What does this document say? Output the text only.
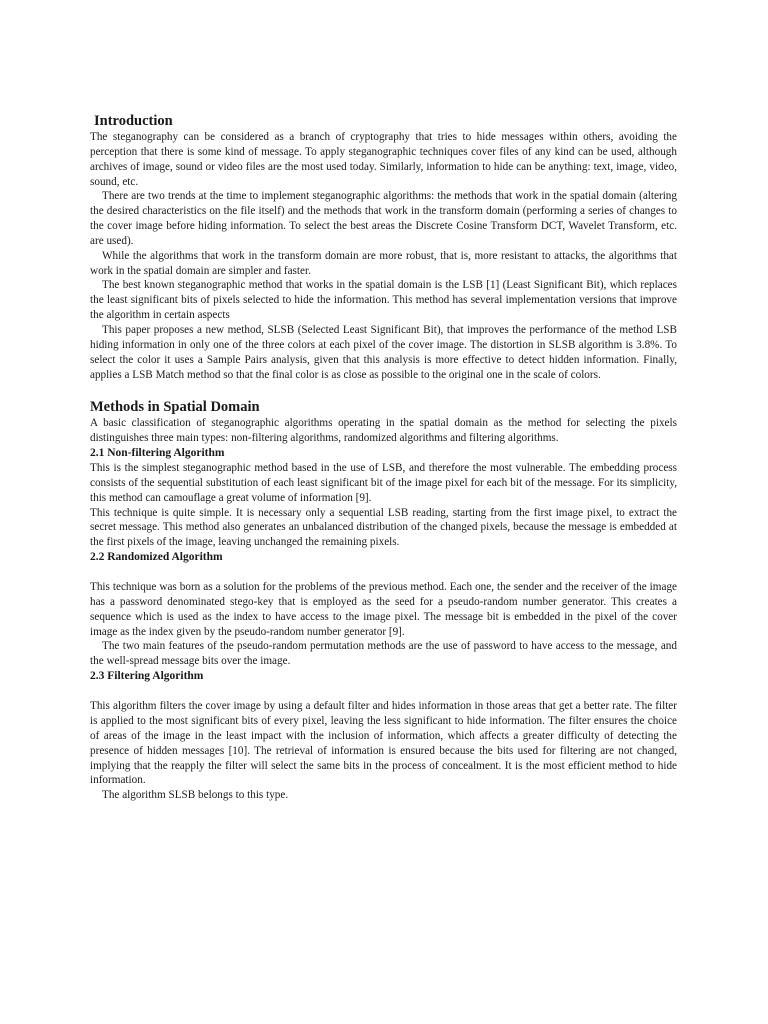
Introduction

The steganography can be considered as a branch of cryptography that tries to hide messages within others, avoiding the perception that there is some kind of message. To apply steganographic techniques cover files of any kind can be used, although archives of image, sound or video files are the most used today. Similarly, information to hide can be anything: text, image, video, sound, etc.

There are two trends at the time to implement steganographic algorithms: the methods that work in the spatial domain (altering the desired characteristics on the file itself) and the methods that work in the transform domain (performing a series of changes to the cover image before hiding information. To select the best areas the Discrete Cosine Transform DCT, Wavelet Transform, etc. are used).

While the algorithms that work in the transform domain are more robust, that is, more resistant to attacks, the algorithms that work in the spatial domain are simpler and faster.

The best known steganographic method that works in the spatial domain is the LSB [1] (Least Significant Bit), which replaces the least significant bits of pixels selected to hide the information. This method has several implementation versions that improve the algorithm in certain aspects

This paper proposes a new method, SLSB (Selected Least Significant Bit), that improves the performance of the method LSB hiding information in only one of the three colors at each pixel of the cover image. The distortion in SLSB algorithm is 3.8%. To select the color it uses a Sample Pairs analysis, given that this analysis is more effective to detect hidden information. Finally, applies a LSB Match method so that the final color is as close as possible to the original one in the scale of colors.

Methods in Spatial Domain

A basic classification of steganographic algorithms operating in the spatial domain as the method for selecting the pixels distinguishes three main types: non-filtering algorithms, randomized algorithms and filtering algorithms.

2.1 Non-filtering Algorithm

This is the simplest steganographic method based in the use of LSB, and therefore the most vulnerable. The embedding process consists of the sequential substitution of each least significant bit of the image pixel for each bit of the message. For its simplicity, this method can camouflage a great volume of information [9].

This technique is quite simple. It is necessary only a sequential LSB reading, starting from the first image pixel, to extract the secret message. This method also generates an unbalanced distribution of the changed pixels, because the message is embedded at the first pixels of the image, leaving unchanged the remaining pixels.

2.2 Randomized Algorithm

This technique was born as a solution for the problems of the previous method. Each one, the sender and the receiver of the image has a password denominated stego-key that is employed as the seed for a pseudo-random number generator. This creates a sequence which is used as the index to have access to the image pixel. The message bit is embedded in the pixel of the cover image as the index given by the pseudo-random number generator [9].

The two main features of the pseudo-random permutation methods are the use of password to have access to the message, and the well-spread message bits over the image.

2.3 Filtering Algorithm

This algorithm filters the cover image by using a default filter and hides information in those areas that get a better rate. The filter is applied to the most significant bits of every pixel, leaving the less significant to hide information. The filter ensures the choice of areas of the image in the least impact with the inclusion of information, which affects a greater difficulty of detecting the presence of hidden messages [10]. The retrieval of information is ensured because the bits used for filtering are not changed, implying that the reapply the filter will select the same bits in the process of concealment. It is the most efficient method to hide information.

The algorithm SLSB belongs to this type.
